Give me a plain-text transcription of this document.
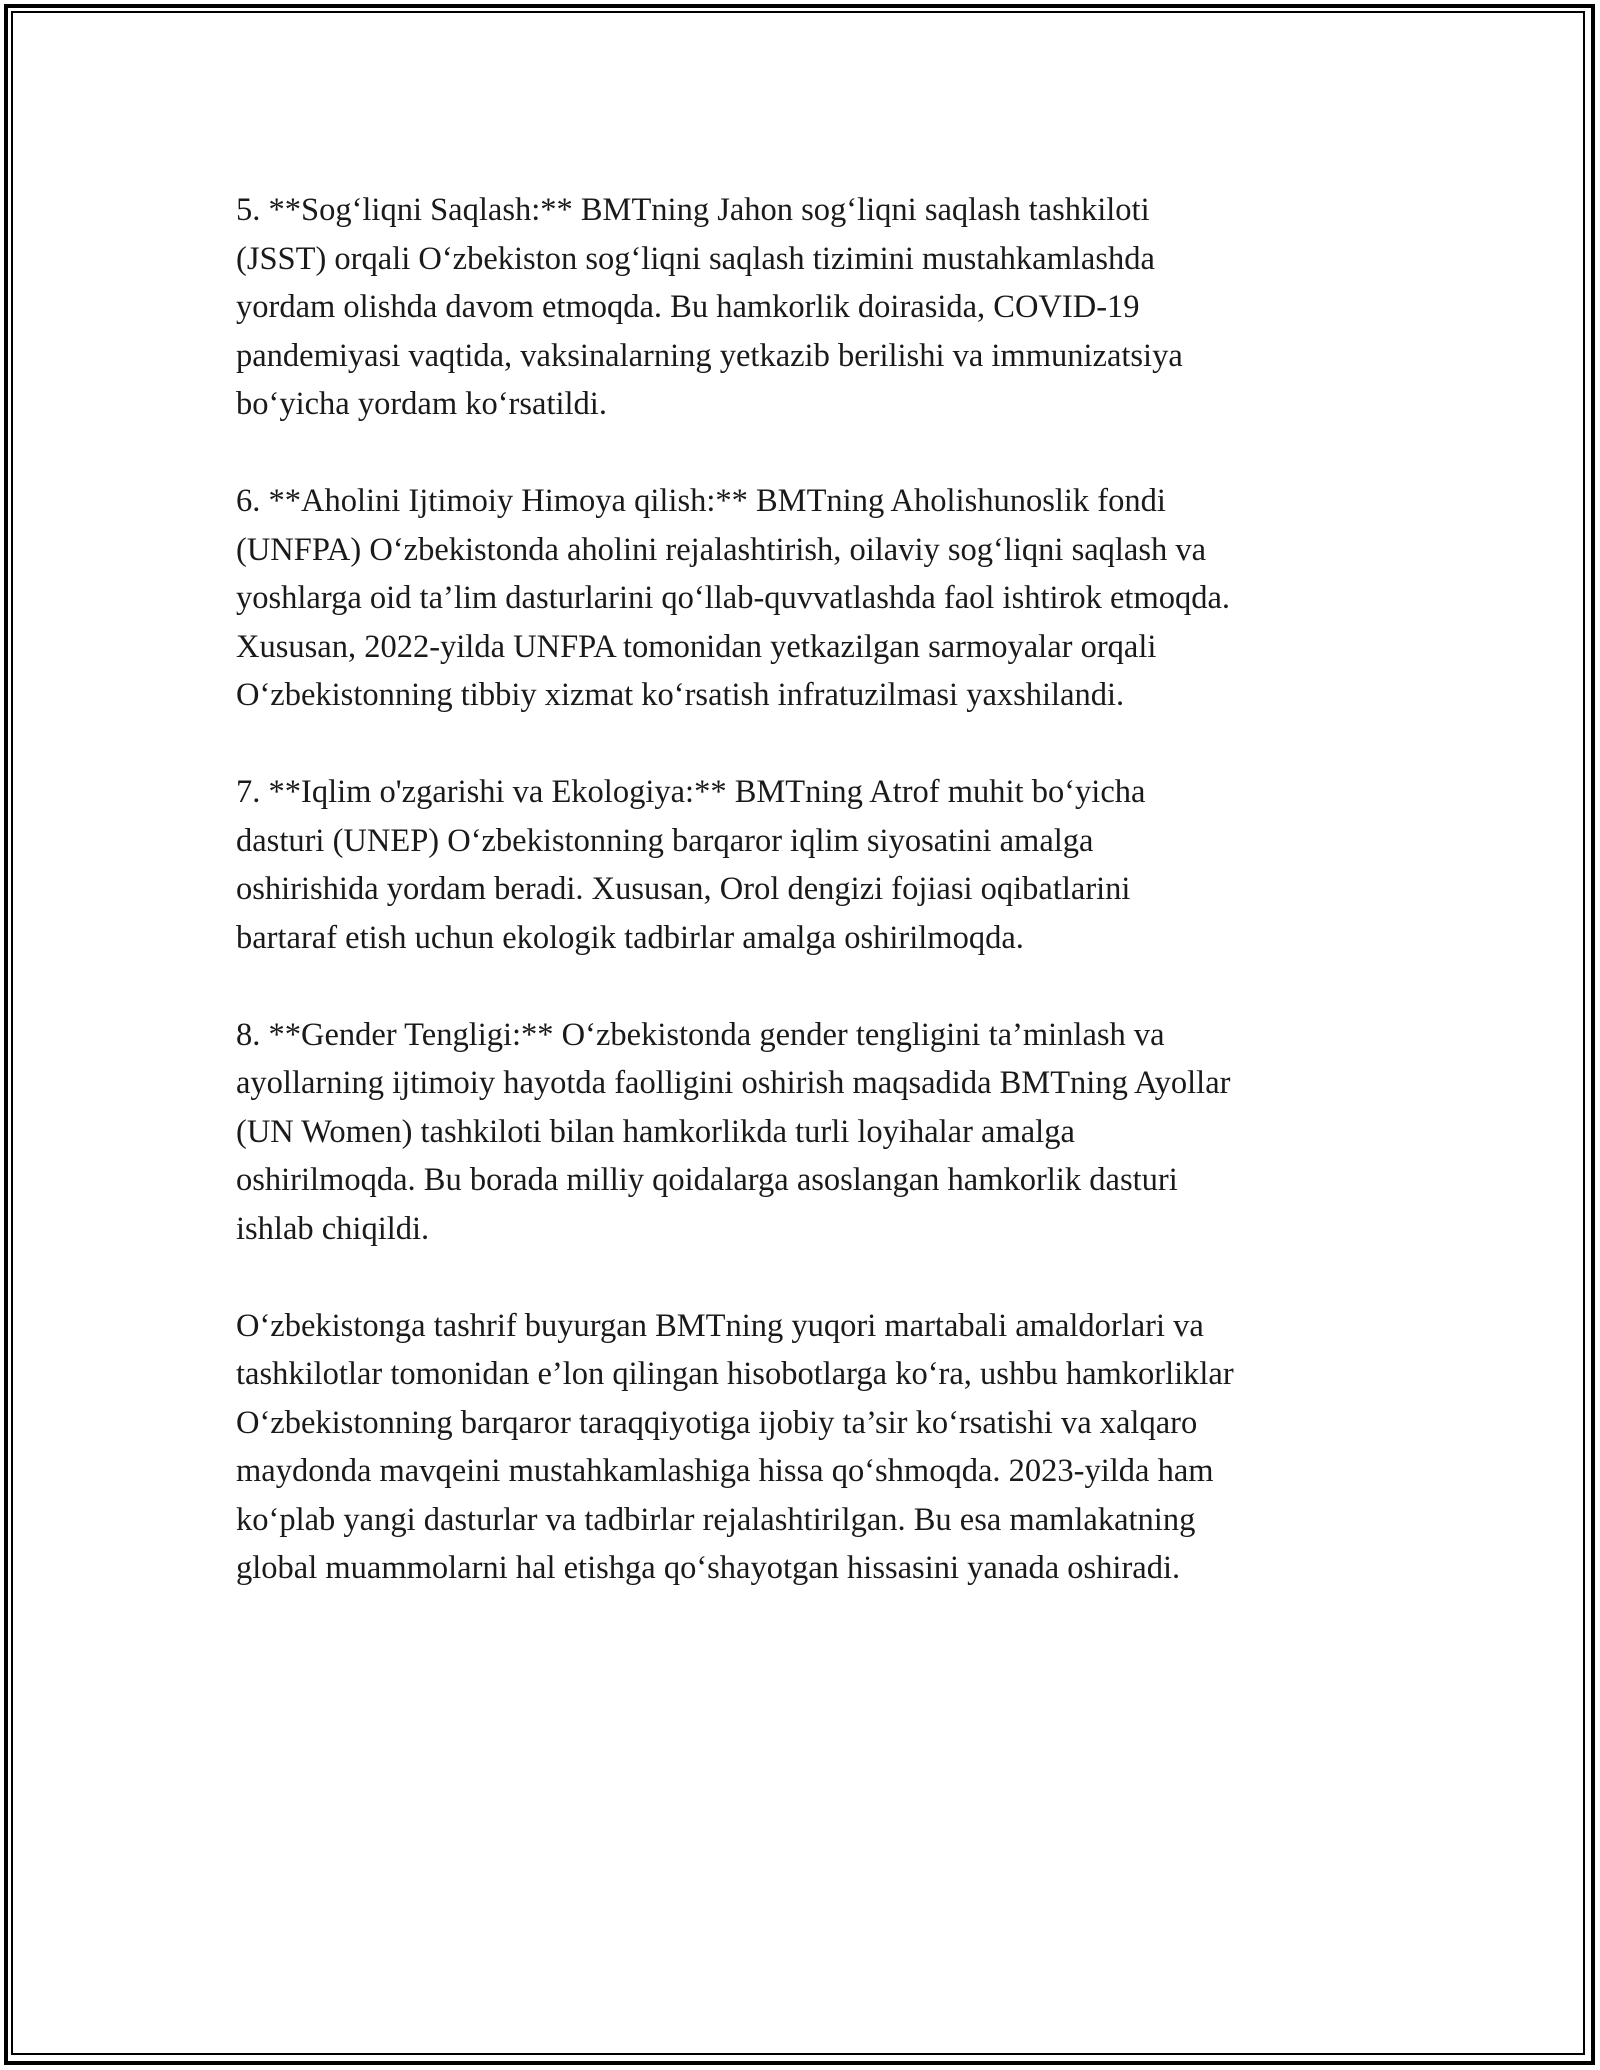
5. **Sog‘liqni Saqlash:** BMTning Jahon sog‘liqni saqlash tashkiloti
(JSST) orqali O‘zbekiston sog‘liqni saqlash tizimini mustahkamlashda
yordam olishda davom etmoqda. Bu hamkorlik doirasida, COVID-19
pandemiyasi vaqtida, vaksinalarning yetkazib berilishi va immunizatsiya
bo‘yicha yordam ko‘rsatildi.

6. **Aholini Ijtimoiy Himoya qilish:** BMTning Aholishunoslik fondi
(UNFPA) O‘zbekistonda aholini rejalashtirish, oilaviy sog‘liqni saqlash va
yoshlarga oid ta’lim dasturlarini qo‘llab-quvvatlashda faol ishtirok etmoqda.
Xususan, 2022-yilda UNFPA tomonidan yetkazilgan sarmoyalar orqali
O‘zbekistonning tibbiy xizmat ko‘rsatish infratuzilmasi yaxshilandi.

7. **Iqlim o'zgarishi va Ekologiya:** BMTning Atrof muhit bo‘yicha
dasturi (UNEP) O‘zbekistonning barqaror iqlim siyosatini amalga
oshirishida yordam beradi. Xususan, Orol dengizi fojiasi oqibatlarini
bartaraf etish uchun ekologik tadbirlar amalga oshirilmoqda.

8. **Gender Tengligi:** O‘zbekistonda gender tengligini ta’minlash va
ayollarning ijtimoiy hayotda faolligini oshirish maqsadida BMTning Ayollar
(UN Women) tashkiloti bilan hamkorlikda turli loyihalar amalga
oshirilmoqda. Bu borada milliy qoidalarga asoslangan hamkorlik dasturi
ishlab chiqildi.

O‘zbekistonga tashrif buyurgan BMTning yuqori martabali amaldorlari va
tashkilotlar tomonidan e’lon qilingan hisobotlarga ko‘ra, ushbu hamkorliklar
O‘zbekistonning barqaror taraqqiyotiga ijobiy ta’sir ko‘rsatishi va xalqaro
maydonda mavqeini mustahkamlashiga hissa qo‘shmoqda. 2023-yilda ham
ko‘plab yangi dasturlar va tadbirlar rejalashtirilgan. Bu esa mamlakatning
global muammolarni hal etishga qo‘shayotgan hissasini yanada oshiradi.
